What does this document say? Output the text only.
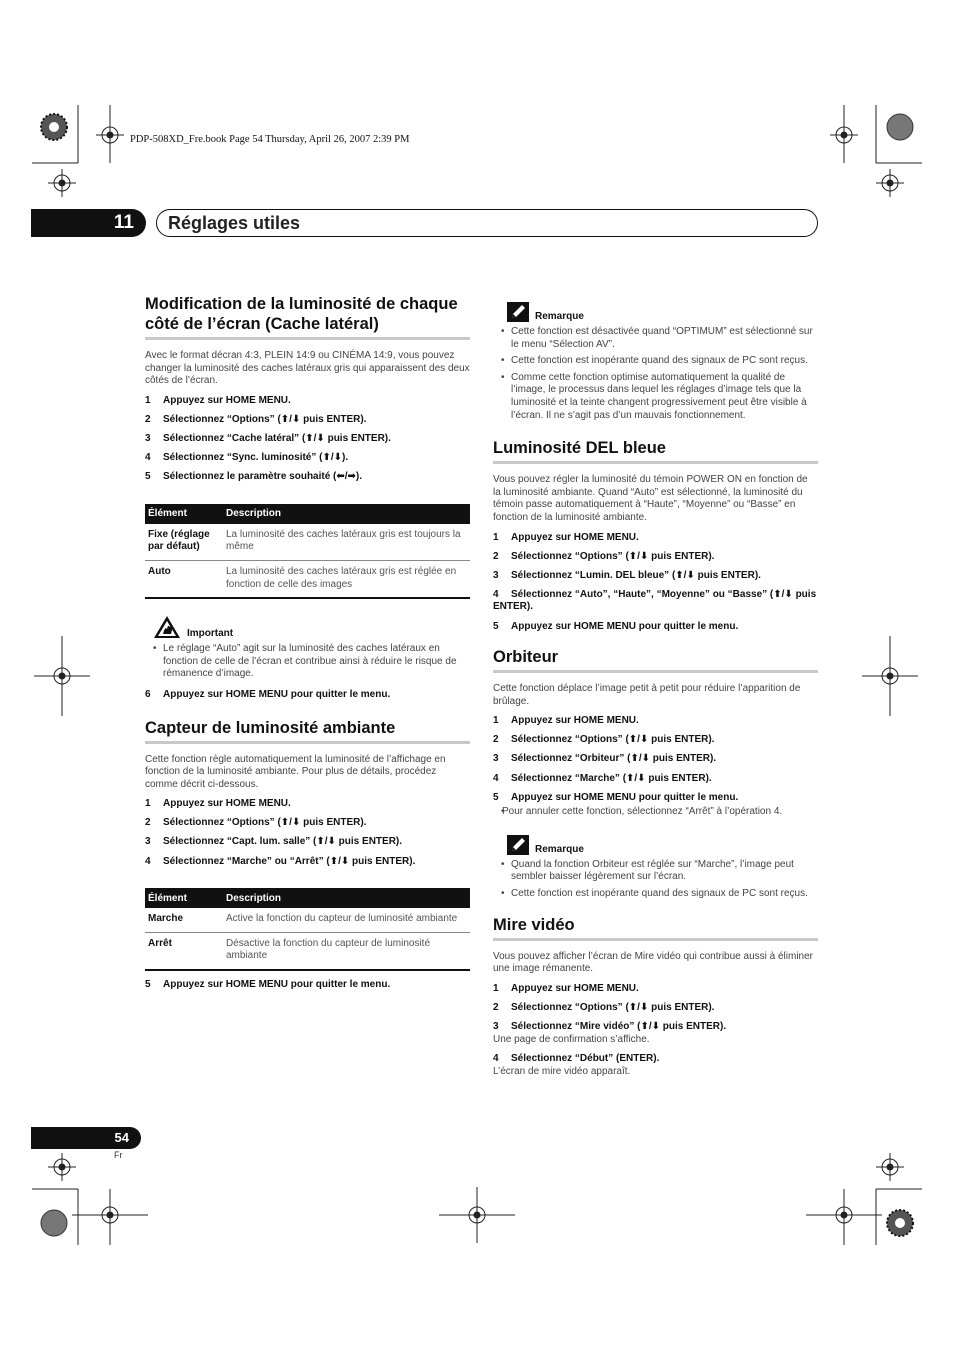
PDP-508XD_Fre.book Page 54 Thursday, April 26, 2007 2:39 PM
11	Réglages utiles
Modification de la luminosité de chaque côté de l’écran (Cache latéral)

Avec le format décran 4:3, PLEIN 14:9 ou CINÉMA 14:9, vous pouvez changer la luminosité des caches latéraux gris qui apparaissent des deux côtés de l’écran.

1 Appuyez sur HOME MENU.
2 Sélectionnez “Options” (⬆/⬇ puis ENTER).
3 Sélectionnez “Cache latéral” (⬆/⬇ puis ENTER).
4 Sélectionnez “Sync. luminosité” (⬆/⬇).
5 Sélectionnez le paramètre souhaité (⬅/➡).
Élément	Description
Fixe (réglage par défaut)	La luminosité des caches latéraux gris est toujours la même
Auto	La luminosité des caches latéraux gris est réglée en fonction de celle des images
Important
• Le réglage “Auto” agit sur la luminosité des caches latéraux en fonction de celle de l’écran et contribue ainsi à réduire le risque de rémanence d’image.
6 Appuyez sur HOME MENU pour quitter le menu.
Capteur de luminosité ambiante

Cette fonction règle automatiquement la luminosité de l’affichage en fonction de la luminosité ambiante. Pour plus de détails, procédez comme décrit ci-dessous.

1 Appuyez sur HOME MENU.
2 Sélectionnez “Options” (⬆/⬇ puis ENTER).
3 Sélectionnez “Capt. lum. salle” (⬆/⬇ puis ENTER).
4 Sélectionnez “Marche” ou “Arrêt” (⬆/⬇ puis ENTER).
Élément	Description
Marche	Active la fonction du capteur de luminosité ambiante
Arrêt	Désactive la fonction du capteur de luminosité ambiante
5 Appuyez sur HOME MENU pour quitter le menu.
Remarque
• Cette fonction est désactivée quand “OPTIMUM” est sélectionné sur le menu “Sélection AV”.
• Cette fonction est inopérante quand des signaux de PC sont reçus.
• Comme cette fonction optimise automatiquement la qualité de l’image, le processus dans lequel les réglages d’image tels que la luminosité et la teinte changent progressivement peut être visible à l’écran. Il ne s’agit pas d’un mauvais fonctionnement.
Luminosité DEL bleue

Vous pouvez régler la luminosité du témoin POWER ON en fonction de la luminosité ambiante. Quand “Auto” est sélectionné, la luminosité du témoin passe automatiquement à “Haute”, “Moyenne” ou “Basse” en fonction de la luminosité ambiante.

1 Appuyez sur HOME MENU.
2 Sélectionnez “Options” (⬆/⬇ puis ENTER).
3 Sélectionnez “Lumin. DEL bleue” (⬆/⬇ puis ENTER).
4 Sélectionnez “Auto”, “Haute”, “Moyenne” ou “Basse” (⬆/⬇ puis ENTER).
5 Appuyez sur HOME MENU pour quitter le menu.
Orbiteur

Cette fonction déplace l’image petit à petit pour réduire l’apparition de brûlage.

1 Appuyez sur HOME MENU.
2 Sélectionnez “Options” (⬆/⬇ puis ENTER).
3 Sélectionnez “Orbiteur” (⬆/⬇ puis ENTER).
4 Sélectionnez “Marche” (⬆/⬇ puis ENTER).
5 Appuyez sur HOME MENU pour quitter le menu.
• Pour annuler cette fonction, sélectionnez “Arrêt” à l’opération 4.
Remarque
• Quand la fonction Orbiteur est réglée sur “Marche”, l’image peut sembler baisser légèrement sur l’écran.
• Cette fonction est inopérante quand des signaux de PC sont reçus.
Mire vidéo

Vous pouvez afficher l’écran de Mire vidéo qui contribue aussi à éliminer une image rémanente.

1 Appuyez sur HOME MENU.
2 Sélectionnez “Options” (⬆/⬇ puis ENTER).
3 Sélectionnez “Mire vidéo” (⬆/⬇ puis ENTER).

Une page de confirmation s’affiche.

4 Sélectionnez “Début” (ENTER).

L’écran de mire vidéo apparaît.

54
Fr
